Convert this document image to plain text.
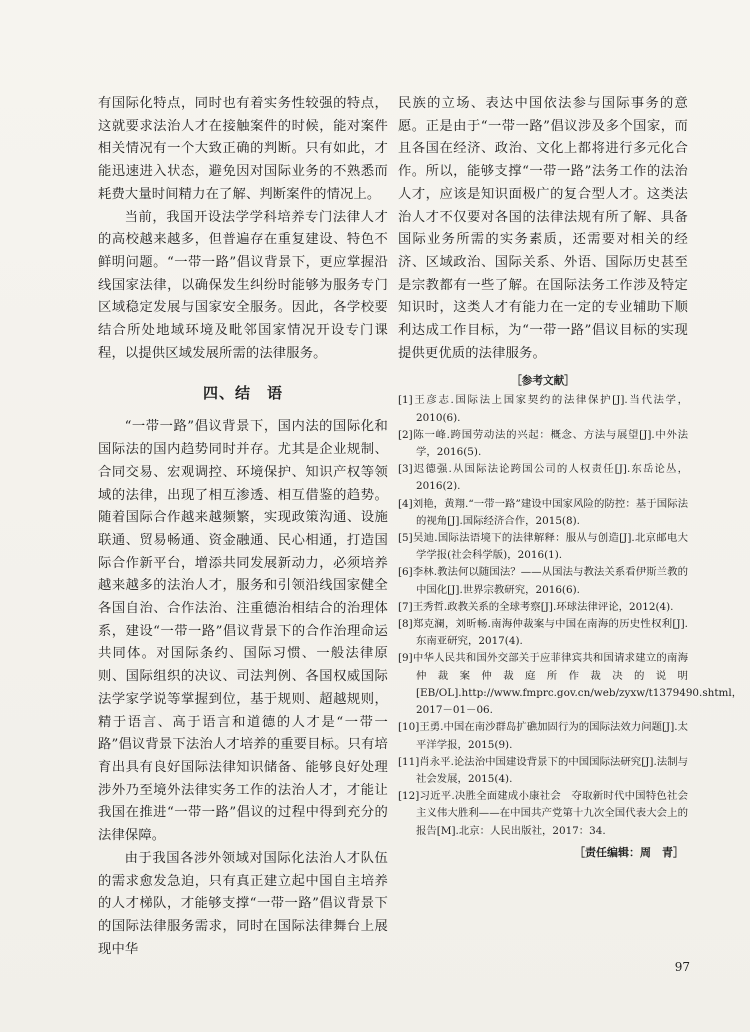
有国际化特点，同时也有着实务性较强的特点，这就要求法治人才在接触案件的时候，能对案件相关情况有一个大致正确的判断。只有如此，才能迅速进入状态，避免因对国际业务的不熟悉而耗费大量时间精力在了解、判断案件的情况上。

当前，我国开设法学学科培养专门法律人才的高校越来越多，但普遍存在重复建设、特色不鲜明问题。“一带一路”倡议背景下，更应掌握沿线国家法律，以确保发生纠纷时能够为服务专门区域稳定发展与国家安全服务。因此，各学校要结合所处地域环境及毗邻国家情况开设专门课程，以提供区域发展所需的法律服务。

四、结　语

“一带一路”倡议背景下，国内法的国际化和国际法的国内趋势同时并存。尤其是企业规制、合同交易、宏观调控、环境保护、知识产权等领域的法律，出现了相互渗透、相互借鉴的趋势。随着国际合作越来越频繁，实现政策沟通、设施联通、贸易畅通、资金融通、民心相通，打造国际合作新平台，增添共同发展新动力，必须培养越来越多的法治人才，服务和引领沿线国家健全各国自治、合作法治、注重德治相结合的治理体系，建设“一带一路”倡议背景下的合作治理命运共同体。对国际条约、国际习惯、一般法律原则、国际组织的决议、司法判例、各国权威国际法学家学说等掌握到位，基于规则、超越规则，精于语言、高于语言和道德的人才是“一带一路”倡议背景下法治人才培养的重要目标。只有培育出具有良好国际法律知识储备、能够良好处理涉外乃至境外法律实务工作的法治人才，才能让我国在推进“一带一路”倡议的过程中得到充分的法律保障。

由于我国各涉外领域对国际化法治人才队伍的需求愈发急迫，只有真正建立起中国自主培养的人才梯队，才能够支撑“一带一路”倡议背景下的国际法律服务需求，同时在国际法律舞台上展现中华

民族的立场、表达中国依法参与国际事务的意愿。正是由于“一带一路”倡议涉及多个国家，而且各国在经济、政治、文化上都将进行多元化合作。所以，能够支撑“一带一路”法务工作的法治人才，应该是知识面极广的复合型人才。这类法治人才不仅要对各国的法律法规有所了解、具备国际业务所需的实务素质，还需要对相关的经济、区域政治、国际关系、外语、国际历史甚至是宗教都有一些了解。在国际法务工作涉及特定知识时，这类人才有能力在一定的专业辅助下顺利达成工作目标，为“一带一路”倡议目标的实现提供更优质的法律服务。

［参考文献］
[1]王彦志.国际法上国家契约的法律保护[J].当代法学，2010(6).
[2]陈一峰.跨国劳动法的兴起：概念、方法与展望[J].中外法学，2016(5).
[3]迟德强.从国际法论跨国公司的人权责任[J].东岳论丛，2016(2).
[4]刘艳，黄翔.“一带一路”建设中国家风险的防控：基于国际法的视角[J].国际经济合作，2015(8).
[5]吴迪.国际法语境下的法律解释：服从与创造[J].北京邮电大学学报(社会科学版)，2016(1).
[6]李林.教法何以随国法？——从国法与教法关系看伊斯兰教的中国化[J].世界宗教研究，2016(6).
[7]王秀哲.政教关系的全球考察[J].环球法律评论，2012(4).
[8]郑克澜，刘昕畅.南海仲裁案与中国在南海的历史性权利[J].东南亚研究，2017(4).
[9]中华人民共和国外交部关于应菲律宾共和国请求建立的南海仲裁案仲裁庭所作裁决的说明[EB/OL].http://www.fmprc.gov.cn/web/zyxw/t1379490.shtml，2017－01－06.
[10]王勇.中国在南沙群岛扩礁加固行为的国际法效力问题[J].太平洋学报，2015(9).
[11]肖永平.论法治中国建设背景下的中国国际法研究[J].法制与社会发展，2015(4).
[12]习近平.决胜全面建成小康社会　夺取新时代中国特色社会主义伟大胜利——在中国共产党第十九次全国代表大会上的报告[M].北京：人民出版社，2017：34.
［责任编辑：周　青］
97
